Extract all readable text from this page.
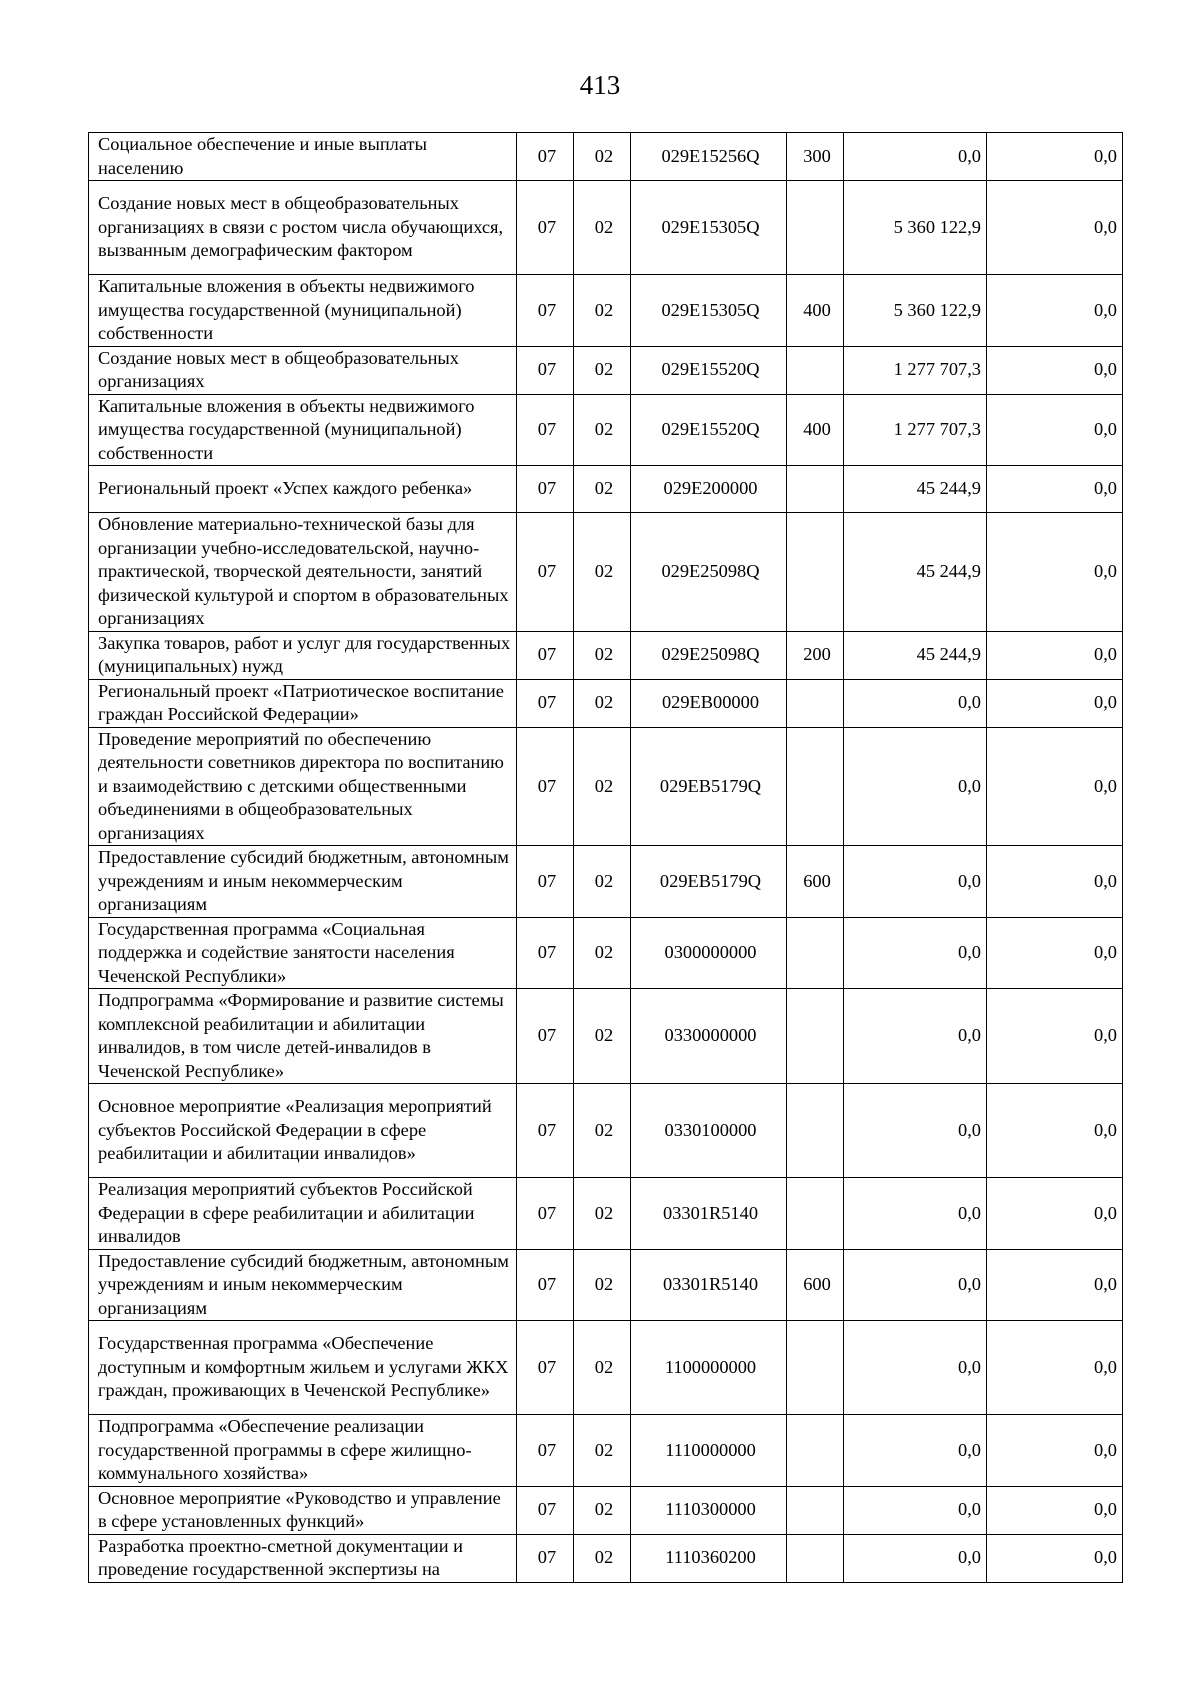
413
Социальное обеспечение и иные выплаты населению	07	02	029E15256Q	300	0,0	0,0
Создание новых мест в общеобразовательных организациях в связи с ростом числа обучающихся, вызванным демографическим фактором	07	02	029E15305Q		5 360 122,9	0,0
Капитальные вложения в объекты недвижимого имущества государственной (муниципальной) собственности	07	02	029E15305Q	400	5 360 122,9	0,0
Создание новых мест в общеобразовательных организациях	07	02	029E15520Q		1 277 707,3	0,0
Капитальные вложения в объекты недвижимого имущества государственной (муниципальной) собственности	07	02	029E15520Q	400	1 277 707,3	0,0
Региональный проект «Успех каждого ребенка»	07	02	029E200000		45 244,9	0,0
Обновление материально-технической базы для организации учебно-исследовательской, научно-практической, творческой деятельности, занятий физической культурой и спортом в образовательных организациях	07	02	029E25098Q		45 244,9	0,0
Закупка товаров, работ и услуг для государственных (муниципальных) нужд	07	02	029E25098Q	200	45 244,9	0,0
Региональный проект «Патриотическое воспитание граждан Российской Федерации»	07	02	029EB00000		0,0	0,0
Проведение мероприятий по обеспечению деятельности советников директора по воспитанию и взаимодействию с детскими общественными объединениями в общеобразовательных организациях	07	02	029EB5179Q		0,0	0,0
Предоставление субсидий бюджетным, автономным учреждениям и иным некоммерческим организациям	07	02	029EB5179Q	600	0,0	0,0
Государственная программа «Социальная поддержка и содействие занятости населения Чеченской Республики»	07	02	0300000000		0,0	0,0
Подпрограмма «Формирование и развитие системы комплексной реабилитации и абилитации инвалидов, в том числе детей-инвалидов в Чеченской Республике»	07	02	0330000000		0,0	0,0
Основное мероприятие «Реализация мероприятий субъектов Российской Федерации в сфере реабилитации и абилитации инвалидов»	07	02	0330100000		0,0	0,0
Реализация мероприятий субъектов Российской Федерации в сфере реабилитации и абилитации инвалидов	07	02	03301R5140		0,0	0,0
Предоставление субсидий бюджетным, автономным учреждениям и иным некоммерческим организациям	07	02	03301R5140	600	0,0	0,0
Государственная программа «Обеспечение доступным и комфортным жильем и услугами ЖКХ граждан, проживающих в Чеченской Республике»	07	02	1100000000		0,0	0,0
Подпрограмма «Обеспечение реализации государственной программы в сфере жилищно-коммунального хозяйства»	07	02	1110000000		0,0	0,0
Основное мероприятие «Руководство и управление в сфере установленных функций»	07	02	1110300000		0,0	0,0
Разработка проектно-сметной документации и проведение государственной экспертизы на	07	02	1110360200		0,0	0,0
